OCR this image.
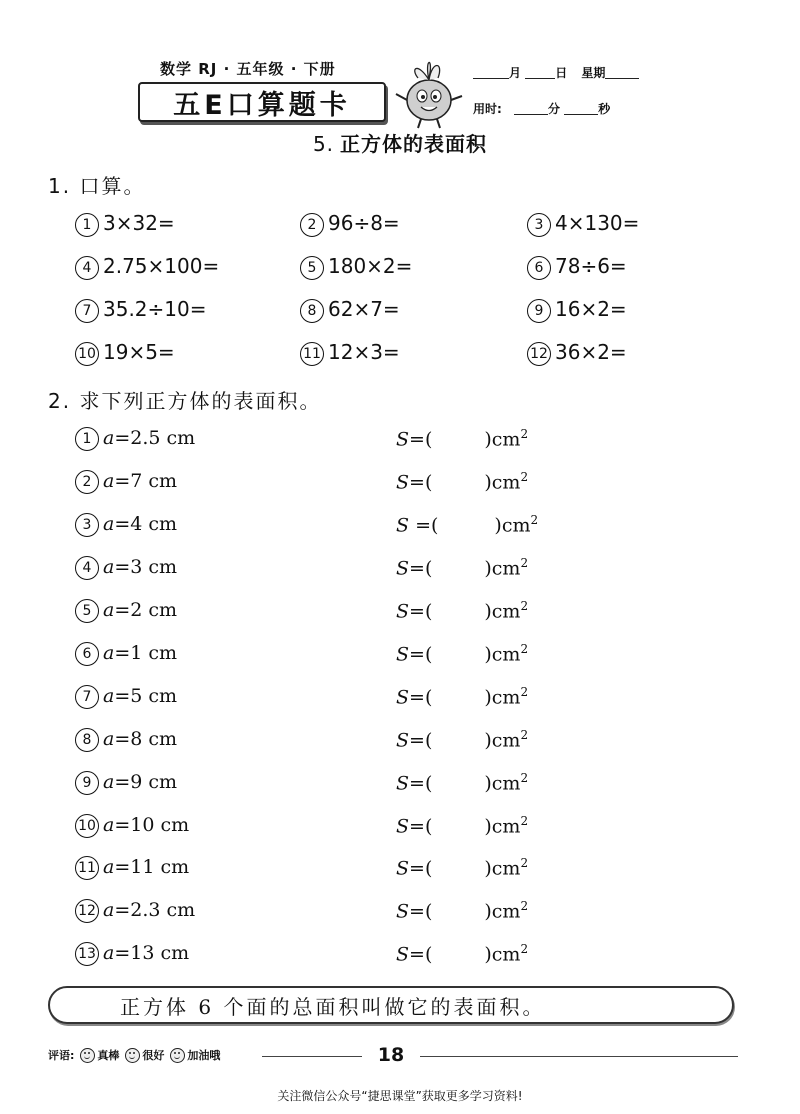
数学 RJ · 五年级 · 下册
五E口算题卡
月	日 星期
用时:	分	秒
5. 正方体的表面积
1. 口算。
1 3×32=	2 96÷8=	3 4×130=
4 2.75×100=	5 180×2=	6 78÷6=
7 35.2÷10=	8 62×7=	9 16×2=
10 19×5=	11 12×3=	12 36×2=
2. 求下列正方体的表面积。
1 a=2.5 cm	S=(	)$cm^2$
2 a=7 cm	S=(	)$cm^2$
3 a=4 cm	S =(	)$cm^2$
4 a=3 cm	S=(	)$cm^2$
5 a=2 cm	S=(	)$cm^2$
6 a=1 cm	S=(	)$cm^2$
7 a=5 cm	S=(	)$cm^2$
8 a=8 cm	S=(	)$cm^2$
9 a=9 cm	S=(	)$cm^2$
10 a=10 cm	S=(	)$cm^2$
11 a=11 cm	S=(	)$cm^2$
12 a=2.3 cm	S=(	)$cm^2$
13 a=13 cm	S=(	)$cm^2$
正方体 6 个面的总面积叫做它的表面积。
评语: 真棒 很好 加油哦	18
关注微信公众号“捷思课堂”获取更多学习资料!
